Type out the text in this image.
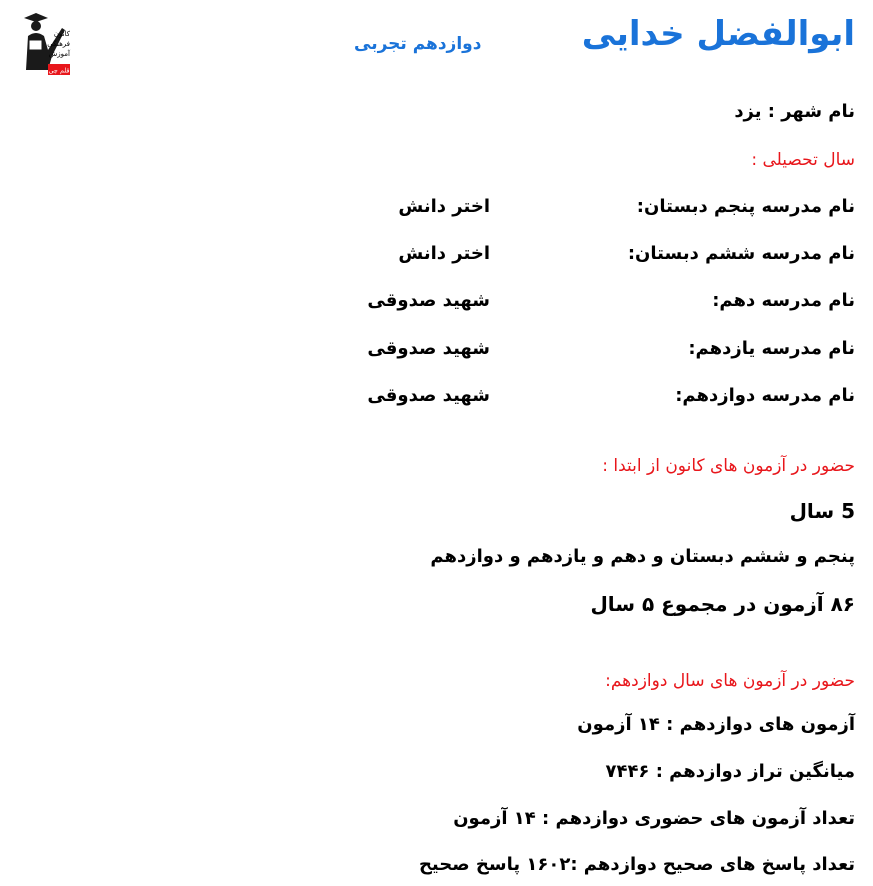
کانون
فرهنگی
آموزش
قلم چی
ابوالفضل خدایی
دوازدهم تجربی
نام شهر : یزد
سال تحصیلی :
نام مدرسه پنجم دبستان:
اختر دانش
نام مدرسه ششم دبستان:
اختر دانش
نام مدرسه دهم:
شهید صدوقی
نام مدرسه یازدهم:
شهید صدوقی
نام مدرسه دوازدهم:
شهید صدوقی
حضور در آزمون های کانون از ابتدا :
5 سال
پنجم و ششم دبستان و دهم و یازدهم و دوازدهم
۸۶ آزمون در مجموع ۵ سال
حضور در آزمون های سال دوازدهم:
آزمون های دوازدهم : ۱۴ آزمون
میانگین تراز دوازدهم : ۷۴۴۶
تعداد آزمون های حضوری دوازدهم : ۱۴ آزمون
تعداد پاسخ های صحیح دوازدهم :۱۶۰۲ پاسخ صحیح
